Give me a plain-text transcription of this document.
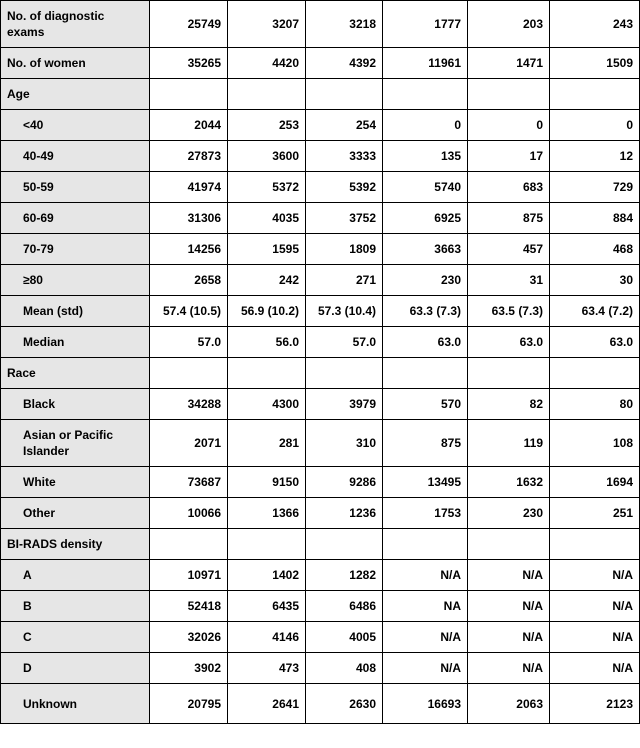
No. of diagnostic exams	25749	3207	3218	1777	203	243
No. of women	35265	4420	4392	11961	1471	1509
Age						
<40	2044	253	254	0	0	0
40-49	27873	3600	3333	135	17	12
50-59	41974	5372	5392	5740	683	729
60-69	31306	4035	3752	6925	875	884
70-79	14256	1595	1809	3663	457	468
≥80	2658	242	271	230	31	30
Mean (std)	57.4 (10.5)	56.9 (10.2)	57.3 (10.4)	63.3 (7.3)	63.5 (7.3)	63.4 (7.2)
Median	57.0	56.0	57.0	63.0	63.0	63.0
Race						
Black	34288	4300	3979	570	82	80
Asian or Pacific Islander	2071	281	310	875	119	108
White	73687	9150	9286	13495	1632	1694
Other	10066	1366	1236	1753	230	251
BI-RADS density						
A	10971	1402	1282	N/A	N/A	N/A
B	52418	6435	6486	NA	N/A	N/A
C	32026	4146	4005	N/A	N/A	N/A
D	3902	473	408	N/A	N/A	N/A
Unknown	20795	2641	2630	16693	2063	2123
